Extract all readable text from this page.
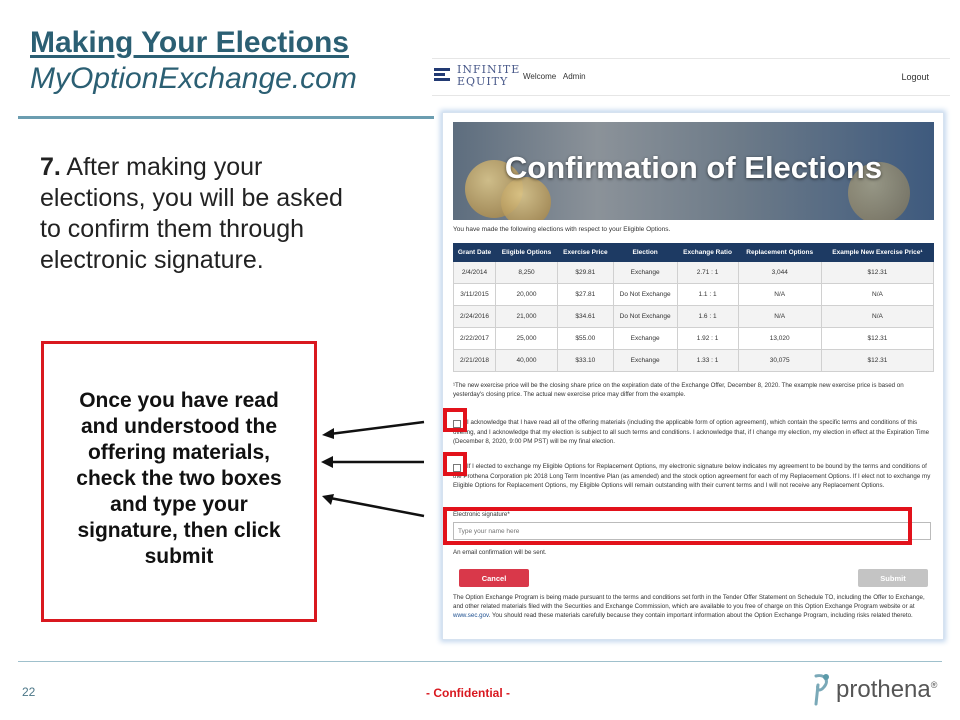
Making Your Elections
MyOptionExchange.com
7. After making your elections, you will be asked to confirm them through electronic signature.
Once you have read and understood the offering materials, check the two boxes and type your signature, then click submit
INFINITE
EQUITY	Welcome Admin	Logout
Confirmation of Elections
You have made the following elections with respect to your Eligible Options.
Grant Date	Eligible Options	Exercise Price	Election	Exchange Ratio	Replacement Options	Example New Exercise Price¹
2/4/2014	8,250	$29.81	Exchange	2.71 : 1	3,044	$12.31
3/11/2015	20,000	$27.81	Do Not Exchange	1.1 : 1	N/A	N/A
2/24/2016	21,000	$34.61	Do Not Exchange	1.6 : 1	N/A	N/A
2/22/2017	25,000	$55.00	Exchange	1.92 : 1	13,020	$12.31
2/21/2018	40,000	$33.10	Exchange	1.33 : 1	30,075	$12.31
¹The new exercise price will be the closing share price on the expiration date of the Exchange Offer, December 8, 2020. The example new exercise price is based on yesterday's closing price. The actual new exercise price may differ from the example.
I acknowledge that I have read all of the offering materials (including the applicable form of option agreement), which contain the specific terms and conditions of this offering, and I acknowledge that my election is subject to all such terms and conditions. I acknowledge that, if I change my election, my election in effect at the Expiration Time (December 8, 2020, 9:00 PM PST) will be my final election.
If I elected to exchange my Eligible Options for Replacement Options, my electronic signature below indicates my agreement to be bound by the terms and conditions of the Prothena Corporation plc 2018 Long Term Incentive Plan (as amended) and the stock option agreement for each of my Replacement Options. If I elect not to exchange my Eligible Options for Replacement Options, my Eligible Options will remain outstanding with their current terms and I will not receive any Replacement Options.
Electronic signature*
Type your name here
An email confirmation will be sent.
Cancel	Submit
The Option Exchange Program is being made pursuant to the terms and conditions set forth in the Tender Offer Statement on Schedule TO, including the Offer to Exchange, and other related materials filed with the Securities and Exchange Commission, which are available to you free of charge on this Option Exchange Program website or at www.sec.gov. You should read these materials carefully because they contain important information about the Option Exchange Program, including risks related thereto.
22	- Confidential -	prothena®
